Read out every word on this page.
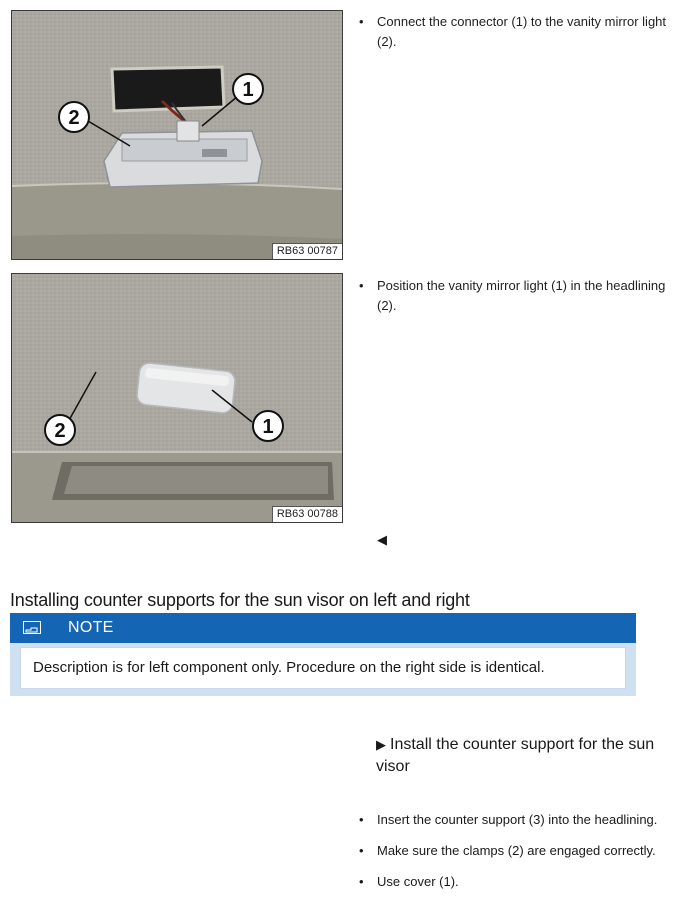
1
2
RB63 00787
• Connect the connector (1) to the vanity mirror light (2).
1
2
RB63 00788
• Position the vanity mirror light (1) in the headlining (2).
◀
Installing counter supports for the sun visor on left and right
NOTE
Description is for left component only. Procedure on the right side is identical.
▶ Install the counter support for the sun visor
• Insert the counter support (3) into the headlining.
• Make sure the clamps (2) are engaged correctly.
• Use cover (1).
